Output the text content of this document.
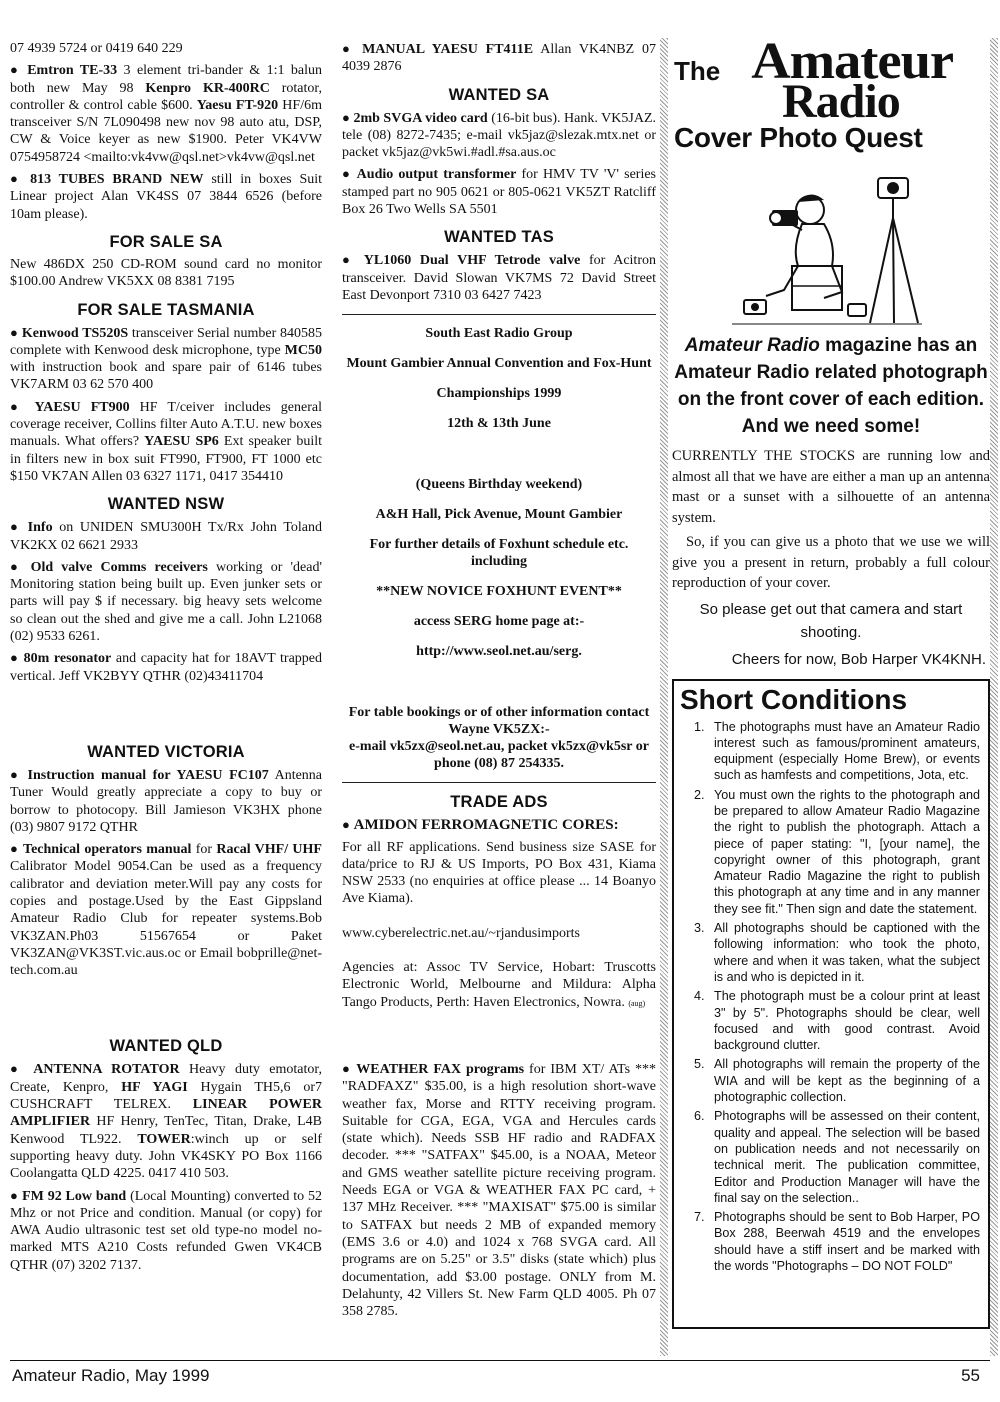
07 4939 5724 or 0419 640 229

● Emtron TE-33 3 element tri-bander & 1:1 balun both new May 98 Kenpro KR-400RC rotator, controller & control cable $600. Yaesu FT-920 HF/6m transceiver S/N 7L090498 new nov 98 auto atu, DSP, CW & Voice keyer as new $1900. Peter VK4VW 0754958724 <mailto:vk4vw@qsl.net>vk4vw@qsl.net

● 813 TUBES BRAND NEW still in boxes Suit Linear project Alan VK4SS 07 3844 6526 (before 10am please).

FOR SALE SA

New 486DX 250 CD-ROM sound card no monitor $100.00 Andrew VK5XX 08 8381 7195

FOR SALE TASMANIA

● Kenwood TS520S transceiver Serial number 840585 complete with Kenwood desk microphone, type MC50 with instruction book and spare pair of 6146 tubes VK7ARM 03 62 570 400

● YAESU FT900 HF T/ceiver includes general coverage receiver, Collins filter Auto A.T.U. new boxes manuals. What offers? YAESU SP6 Ext speaker built in filters new in box suit FT990, FT900, FT 1000 etc $150 VK7AN Allen 03 6327 1171, 0417 354410

WANTED NSW

● Info on UNIDEN SMU300H Tx/Rx John Toland VK2KX 02 6621 2933

● Old valve Comms receivers working or 'dead' Monitoring station being built up. Even junker sets or parts will pay $ if necessary. big heavy sets welcome so clean out the shed and give me a call. John L21068 (02) 9533 6261.

● 80m resonator and capacity hat for 18AVT trapped vertical. Jeff VK2BYY QTHR (02)43411704

WANTED VICTORIA

● Instruction manual for YAESU FC107 Antenna Tuner Would greatly appreciate a copy to buy or borrow to photocopy. Bill Jamieson VK3HX phone (03) 9807 9172 QTHR

● Technical operators manual for Racal VHF/ UHF Calibrator Model 9054.Can be used as a frequency calibrator and deviation meter.Will pay any costs for copies and postage.Used by the East Gippsland Amateur Radio Club for repeater systems.Bob VK3ZAN.Ph03 51567654 or Paket VK3ZAN@VK3ST.vic.aus.oc or Email bobprille@net-tech.com.au

WANTED QLD

● ANTENNA ROTATOR Heavy duty emotator, Create, Kenpro, HF YAGI Hygain TH5,6 or7 CUSHCRAFT TELREX. LINEAR POWER AMPLIFIER HF Henry, TenTec, Titan, Drake, L4B Kenwood TL922. TOWER:winch up or self supporting heavy duty. John VK4SKY PO Box 1166 Coolangatta QLD 4225. 0417 410 503.

● FM 92 Low band (Local Mounting) converted to 52 Mhz or not Price and condition. Manual (or copy) for AWA Audio ultrasonic test set old type-no model no-marked MTS A210 Costs refunded Gwen VK4CB QTHR (07) 3202 7137.

● MANUAL YAESU FT411E Allan VK4NBZ 07 4039 2876

WANTED SA

● 2mb SVGA video card (16-bit bus). Hank. VK5JAZ. tele (08) 8272-7435; e-mail vk5jaz@slezak.mtx.net or packet vk5jaz@vk5wi.#adl.#sa.aus.oc

● Audio output transformer for HMV TV 'V' series stamped part no 905 0621 or 805-0621 VK5ZT Ratcliff Box 26 Two Wells SA 5501

WANTED TAS

● YL1060 Dual VHF Tetrode valve for Acitron transceiver. David Slowan VK7MS 72 David Street East Devonport 7310 03 6427 7423

South East Radio Group

Mount Gambier Annual Convention and Fox-Hunt

Championships 1999

12th & 13th June

(Queens Birthday weekend)

A&H Hall, Pick Avenue, Mount Gambier

For further details of Foxhunt schedule etc. including

**NEW NOVICE FOXHUNT EVENT**

access SERG home page at:-

http://www.seol.net.au/serg.

For table bookings or of other information contact Wayne VK5ZX:-

e-mail vk5zx@seol.net.au, packet vk5zx@vk5sr or phone (08) 87 254335.

TRADE ADS

● AMIDON FERROMAGNETIC CORES:

For all RF applications. Send business size SASE for data/price to RJ & US Imports, PO Box 431, Kiama NSW 2533 (no enquiries at office please ... 14 Boanyo Ave Kiama).

www.cyberelectric.net.au/~rjandusimports

Agencies at: Assoc TV Service, Hobart: Truscotts Electronic World, Melbourne and Mildura: Alpha Tango Products, Perth: Haven Electronics, Nowra. (aug)

● WEATHER FAX programs for IBM XT/ ATs *** "RADFAXZ" $35.00, is a high resolution short-wave weather fax, Morse and RTTY receiving program. Suitable for CGA, EGA, VGA and Hercules cards (state which). Needs SSB HF radio and RADFAX decoder. *** "SATFAX" $45.00, is a NOAA, Meteor and GMS weather satellite picture receiving program. Needs EGA or VGA & WEATHER FAX PC card, + 137 MHz Receiver. *** "MAXISAT" $75.00 is similar to SATFAX but needs 2 MB of expanded memory (EMS 3.6 or 4.0) and 1024 x 768 SVGA card. All programs are on 5.25" or 3.5" disks (state which) plus documentation, add $3.00 postage. ONLY from M. Delahunty, 42 Villers St. New Farm QLD 4005. Ph 07 358 2785.

The Amateur
Radio
Cover Photo Quest

Amateur Radio magazine has an Amateur Radio related photograph on the front cover of each edition. And we need some!

CURRENTLY THE STOCKS are running low and almost all that we have are either a man up an antenna mast or a sunset with a silhouette of an antenna system.

So, if you can give us a photo that we use we will give you a present in return, probably a full colour reproduction of your cover.

So please get out that camera and start shooting.

Cheers for now, Bob Harper VK4KNH.

Short Conditions
1. The photographs must have an Amateur Radio interest such as famous/prominent amateurs, equipment (especially Home Brew), or events such as hamfests and competitions, Jota, etc.
2. You must own the rights to the photograph and be prepared to allow Amateur Radio Magazine the right to publish the photograph. Attach a piece of paper stating: "I, [your name], the copyright owner of this photograph, grant Amateur Radio Magazine the right to publish this photograph at any time and in any manner they see fit." Then sign and date the statement.
3. All photographs should be captioned with the following information: who took the photo, where and when it was taken, what the subject is and who is depicted in it.
4. The photograph must be a colour print at least 3" by 5". Photographs should be clear, well focused and with good contrast. Avoid background clutter.
5. All photographs will remain the property of the WIA and will be kept as the beginning of a photographic collection.
6. Photographs will be assessed on their content, quality and appeal. The selection will be based on publication needs and not necessarily on technical merit. The publication committee, Editor and Production Manager will have the final say on the selection..
7. Photographs should be sent to Bob Harper, PO Box 288, Beerwah 4519 and the envelopes should have a stiff insert and be marked with the words "Photographs – DO NOT FOLD"
Amateur Radio, May 1999	55
